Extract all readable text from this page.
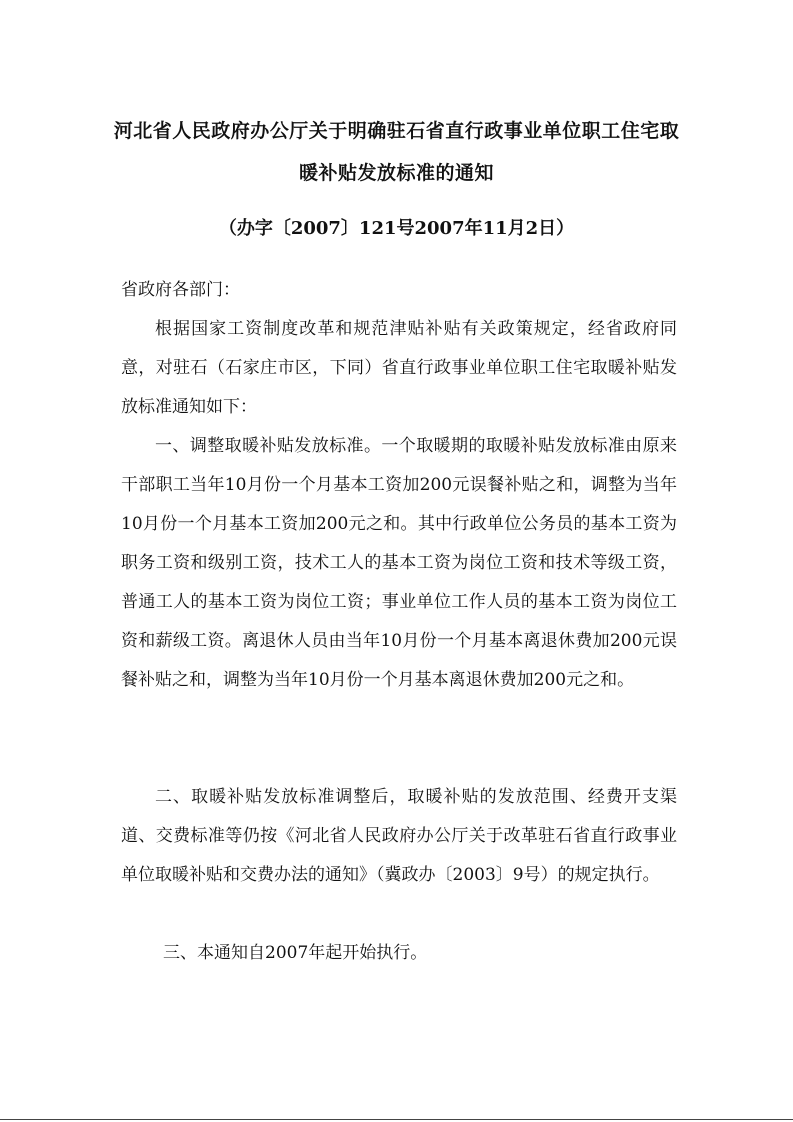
河北省人民政府办公厅关于明确驻石省直行政事业单位职工住宅取
暖补贴发放标准的通知
（办字〔2007〕121号2007年11月2日）
省政府各部门：
根据国家工资制度改革和规范津贴补贴有关政策规定，经省政府同意，对驻石（石家庄市区，下同）省直行政事业单位职工住宅取暖补贴发放标准通知如下：
一、调整取暖补贴发放标准。一个取暖期的取暖补贴发放标准由原来干部职工当年10月份一个月基本工资加200元误餐补贴之和，调整为当年10月份一个月基本工资加200元之和。其中行政单位公务员的基本工资为职务工资和级别工资，技术工人的基本工资为岗位工资和技术等级工资，普通工人的基本工资为岗位工资；事业单位工作人员的基本工资为岗位工资和薪级工资。离退休人员由当年10月份一个月基本离退休费加200元误餐补贴之和，调整为当年10月份一个月基本离退休费加200元之和。
二、取暖补贴发放标准调整后，取暖补贴的发放范围、经费开支渠道、交费标准等仍按《河北省人民政府办公厅关于改革驻石省直行政事业单位取暖补贴和交费办法的通知》（冀政办〔2003〕9号）的规定执行。
三、本通知自2007年起开始执行。
